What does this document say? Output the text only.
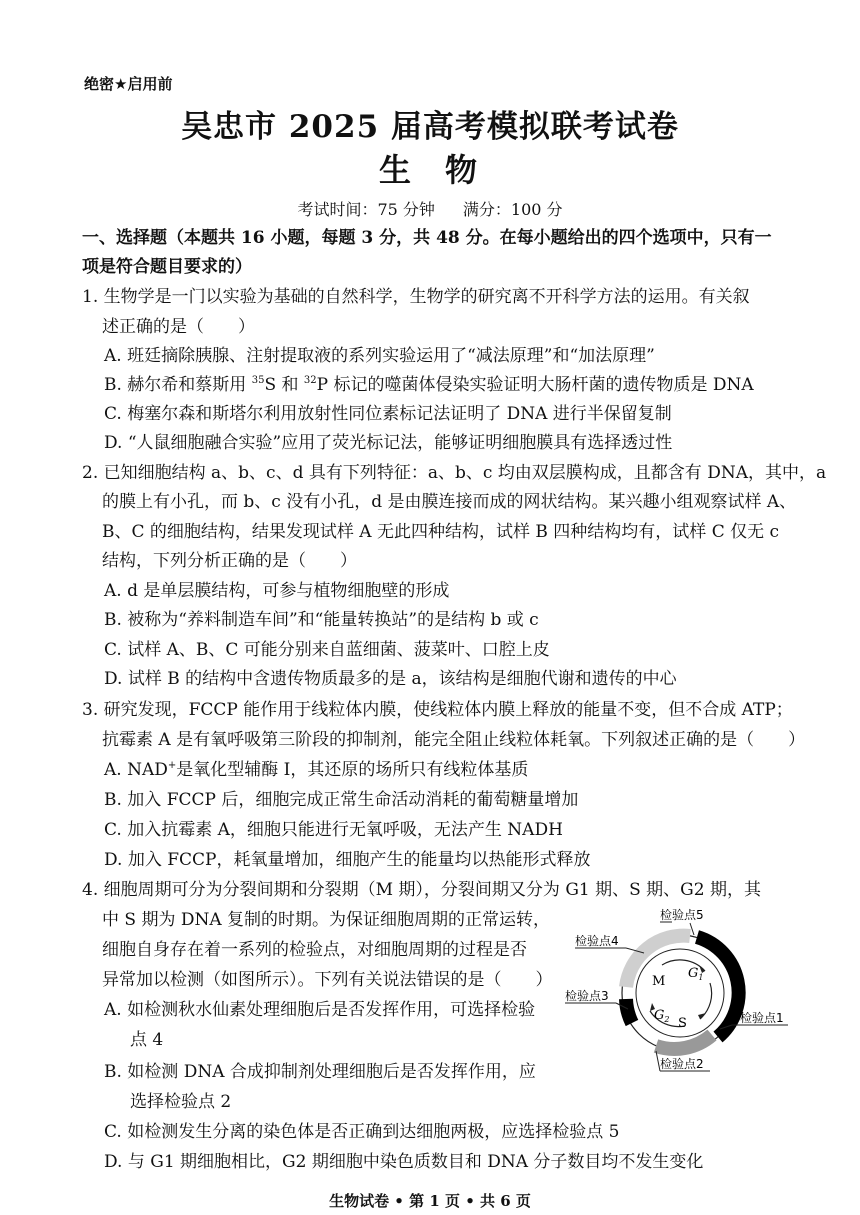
绝密★启用前
吴忠市 2025 届高考模拟联考试卷
生物
考试时间：75 分钟 满分：100 分
一、选择题（本题共 16 小题，每题 3 分，共 48 分。在每小题给出的四个选项中，只有一
项是符合题目要求的）
1. 生物学是一门以实验为基础的自然科学，生物学的研究离不开科学方法的运用。有关叙
述正确的是（　　）
A. 班廷摘除胰腺、注射提取液的系列实验运用了“减法原理”和“加法原理”
B. 赫尔希和蔡斯用 $^{35}$S 和 $^{32}$P 标记的噬菌体侵染实验证明大肠杆菌的遗传物质是 DNA
C. 梅塞尔森和斯塔尔利用放射性同位素标记法证明了 DNA 进行半保留复制
D. “人鼠细胞融合实验”应用了荧光标记法，能够证明细胞膜具有选择透过性
2. 已知细胞结构 a、b、c、d 具有下列特征：a、b、c 均由双层膜构成，且都含有 DNA，其中，a
的膜上有小孔，而 b、c 没有小孔，d 是由膜连接而成的网状结构。某兴趣小组观察试样 A、
B、C 的细胞结构，结果发现试样 A 无此四种结构，试样 B 四种结构均有，试样 C 仅无 c
结构，下列分析正确的是（　　）
A. d 是单层膜结构，可参与植物细胞壁的形成
B. 被称为“养料制造车间”和“能量转换站”的是结构 b 或 c
C. 试样 A、B、C 可能分别来自蓝细菌、菠菜叶、口腔上皮
D. 试样 B 的结构中含遗传物质最多的是 a，该结构是细胞代谢和遗传的中心
3. 研究发现，FCCP 能作用于线粒体内膜，使线粒体内膜上释放的能量不变，但不合成 ATP；
抗霉素 A 是有氧呼吸第三阶段的抑制剂，能完全阻止线粒体耗氧。下列叙述正确的是（　　）
A. NAD+是氧化型辅酶 I，其还原的场所只有线粒体基质
B. 加入 FCCP 后，细胞完成正常生命活动消耗的葡萄糖量增加
C. 加入抗霉素 A，细胞只能进行无氧呼吸，无法产生 NADH
D. 加入 FCCP，耗氧量增加，细胞产生的能量均以热能形式释放
4. 细胞周期可分为分裂间期和分裂期（M 期），分裂间期又分为 G1 期、S 期、G2 期，其
中 S 期为 DNA 复制的时期。为保证细胞周期的正常运转，
细胞自身存在着一系列的检验点，对细胞周期的过程是否
异常加以检测（如图所示）。下列有关说法错误的是（　　）
A. 如检测秋水仙素处理细胞后是否发挥作用，可选择检验
点 4
B. 如检测 DNA 合成抑制剂处理细胞后是否发挥作用，应
选择检验点 2
C. 如检测发生分离的染色体是否正确到达细胞两极，应选择检验点 5
D. 与 G1 期细胞相比，G2 期细胞中染色质数目和 DNA 分子数目均不发生变化
M
$G_1$
$G_2$ S
检验点5
检验点4
检验点3
检验点1
检验点2
生物试卷 • 第 1 页 • 共 6 页
